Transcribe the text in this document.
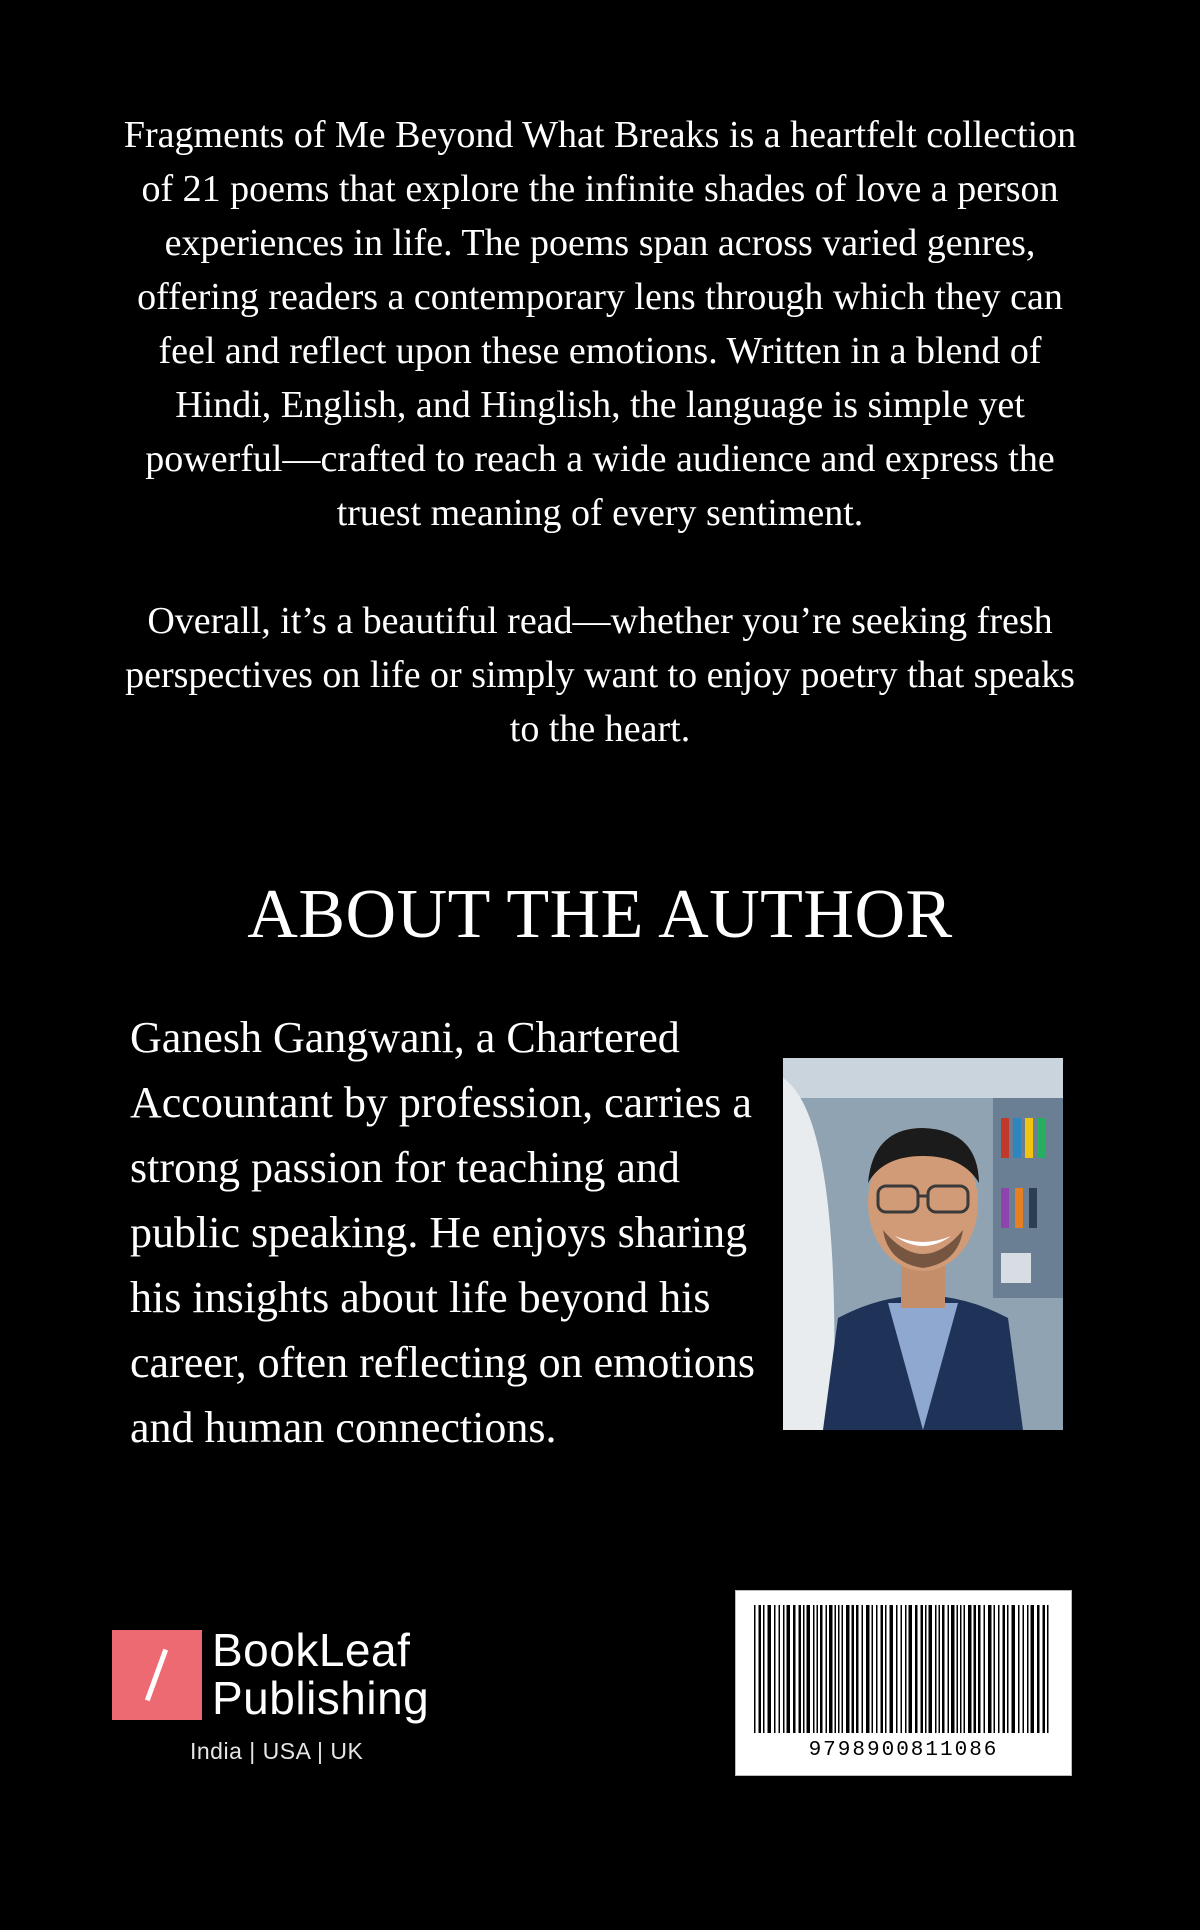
Fragments of Me Beyond What Breaks is a heartfelt collection of 21 poems that explore the infinite shades of love a person experiences in life. The poems span across varied genres, offering readers a contemporary lens through which they can feel and reflect upon these emotions. Written in a blend of Hindi, English, and Hinglish, the language is simple yet powerful—crafted to reach a wide audience and express the truest meaning of every sentiment.

Overall, it’s a beautiful read—whether you’re seeking fresh perspectives on life or simply want to enjoy poetry that speaks to the heart.

ABOUT THE AUTHOR
Ganesh Gangwani, a Chartered Accountant by profession, carries a strong passion for teaching and public speaking. He enjoys sharing his insights about life beyond his career, often reflecting on emotions and human connections.
BookLeaf
Publishing
India | USA | UK	9798900811086
